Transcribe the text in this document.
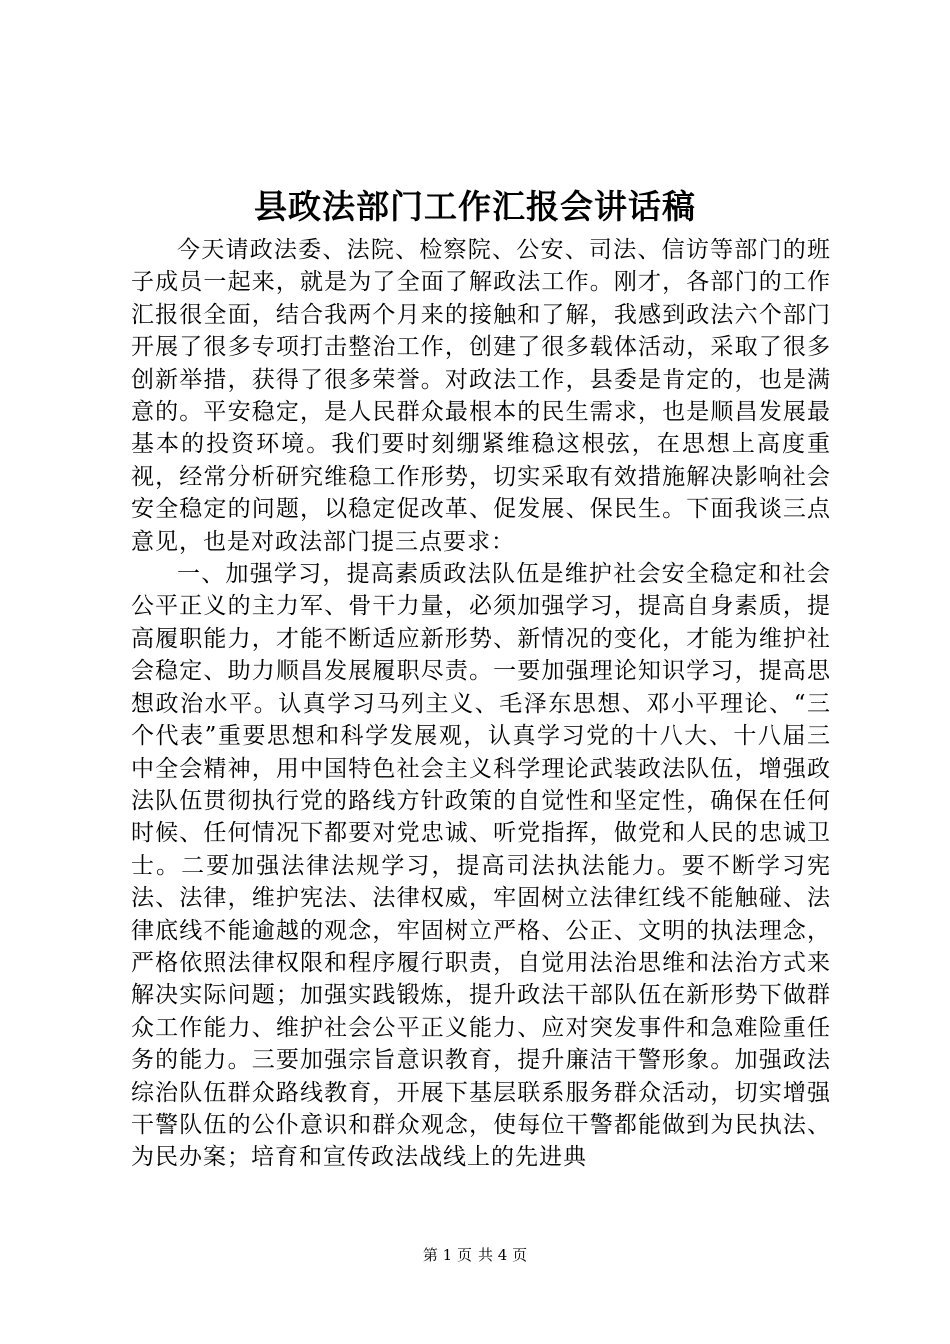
县政法部门工作汇报会讲话稿

今天请政法委、法院、检察院、公安、司法、信访等部门的班子成员一起来，就是为了全面了解政法工作。刚才，各部门的工作汇报很全面，结合我两个月来的接触和了解，我感到政法六个部门开展了很多专项打击整治工作，创建了很多载体活动，采取了很多创新举措，获得了很多荣誉。对政法工作，县委是肯定的，也是满意的。平安稳定，是人民群众最根本的民生需求，也是顺昌发展最基本的投资环境。我们要时刻绷紧维稳这根弦，在思想上高度重视，经常分析研究维稳工作形势，切实采取有效措施解决影响社会安全稳定的问题，以稳定促改革、促发展、保民生。下面我谈三点意见，也是对政法部门提三点要求：

一、加强学习，提高素质政法队伍是维护社会安全稳定和社会公平正义的主力军、骨干力量，必须加强学习，提高自身素质，提高履职能力，才能不断适应新形势、新情况的变化，才能为维护社会稳定、助力顺昌发展履职尽责。一要加强理论知识学习，提高思想政治水平。认真学习马列主义、毛泽东思想、邓小平理论、“三个代表”重要思想和科学发展观，认真学习党的十八大、十八届三中全会精神，用中国特色社会主义科学理论武装政法队伍，增强政法队伍贯彻执行党的路线方针政策的自觉性和坚定性，确保在任何时候、任何情况下都要对党忠诚、听党指挥，做党和人民的忠诚卫士。二要加强法律法规学习，提高司法执法能力。要不断学习宪法、法律，维护宪法、法律权威，牢固树立法律红线不能触碰、法律底线不能逾越的观念，牢固树立严格、公正、文明的执法理念，严格依照法律权限和程序履行职责，自觉用法治思维和法治方式来解决实际问题；加强实践锻炼，提升政法干部队伍在新形势下做群众工作能力、维护社会公平正义能力、应对突发事件和急难险重任务的能力。三要加强宗旨意识教育，提升廉洁干警形象。加强政法综治队伍群众路线教育，开展下基层联系服务群众活动，切实增强干警队伍的公仆意识和群众观念，使每位干警都能做到为民执法、为民办案；培育和宣传政法战线上的先进典

第 1 页 共 4 页
